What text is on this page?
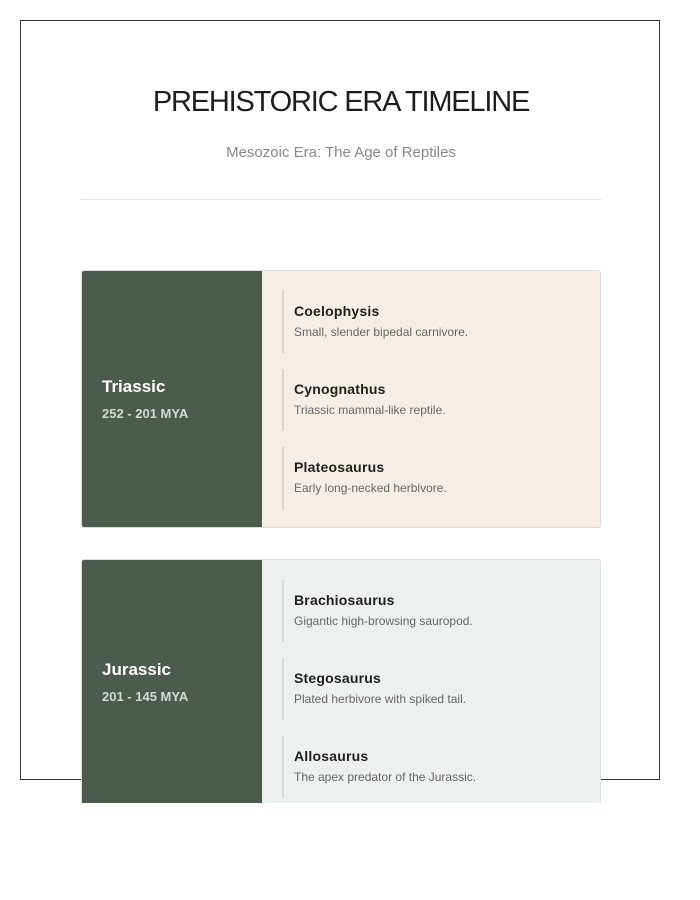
PREHISTORIC ERA TIMELINE

Mesozoic Era: The Age of Reptiles

Triassic

252 - 201 MYA

Coelophysis

Small, slender bipedal carnivore.

Cynognathus

Triassic mammal-like reptile.

Plateosaurus

Early long-necked herbivore.

Jurassic

201 - 145 MYA

Brachiosaurus

Gigantic high-browsing sauropod.

Stegosaurus

Plated herbivore with spiked tail.

Allosaurus

The apex predator of the Jurassic.
